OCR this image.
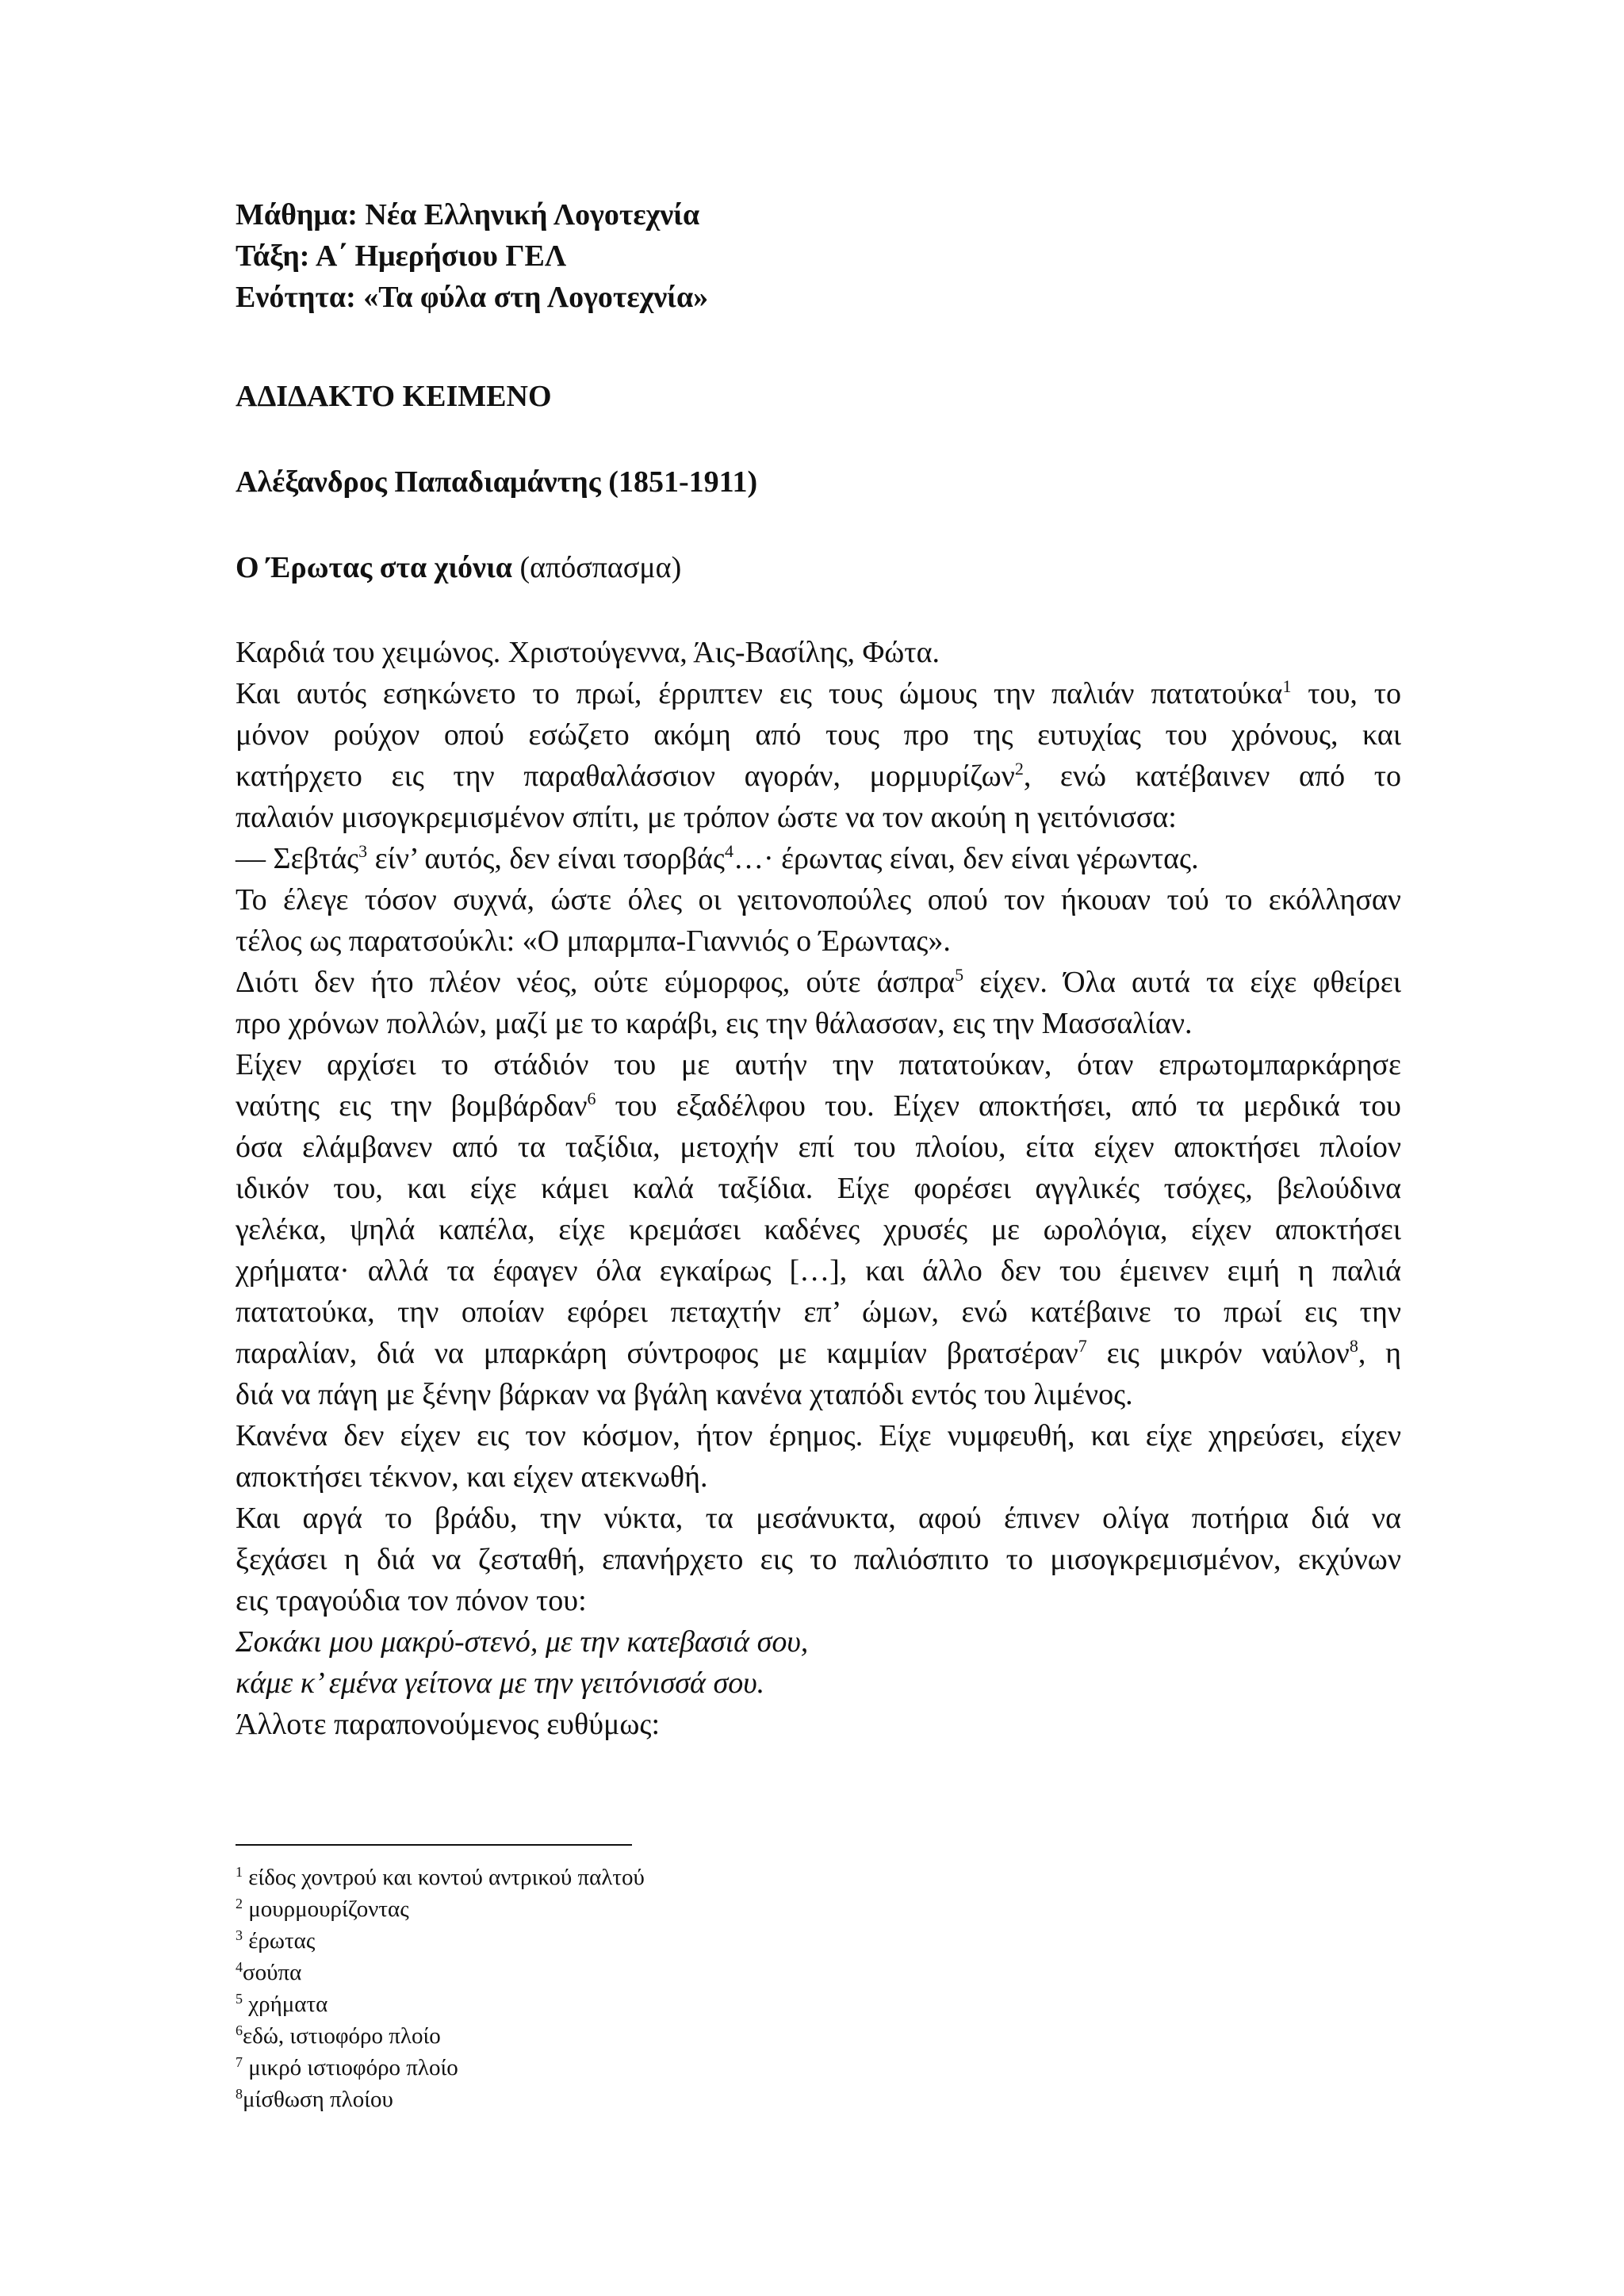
Μάθημα: Νέα Ελληνική Λογοτεχνία
Τάξη: Α΄ Ημερήσιου ΓΕΛ
Ενότητα: «Τα φύλα στη Λογοτεχνία»
ΑΔΙΔΑΚΤΟ ΚΕΙΜΕΝΟ
Αλέξανδρος Παπαδιαμάντης (1851-1911)
Ο Έρωτας στα χιόνια (απόσπασμα)
Καρδιά του χειμώνος. Χριστούγεννα, Άις-Βασίλης, Φώτα.
Και αυτός εσηκώνετο το πρωί, έρριπτεν εις τους ώμους την παλιάν πατατούκα$^1$ του, το
μόνον ρούχον οπού εσώζετο ακόμη από τους προ της ευτυχίας του χρόνους, και
κατήρχετο εις την παραθαλάσσιον αγοράν, μορμυρίζων$^2$, ενώ κατέβαινεν από το
παλαιόν μισογκρεμισμένον σπίτι, με τρόπον ώστε να τον ακούη η γειτόνισσα:
— Σεβτάς$^3$ είν’ αυτός, δεν είναι τσορβάς$^4$…· έρωντας είναι, δεν είναι γέρωντας.
Το έλεγε τόσον συχνά, ώστε όλες οι γειτονοπούλες οπού τον ήκουαν τού το εκόλλησαν
τέλος ως παρατσούκλι: «Ο μπαρμπα-Γιαννιός ο Έρωντας».
Διότι δεν ήτο πλέον νέος, ούτε εύμορφος, ούτε άσπρα$^5$ είχεν. Όλα αυτά τα είχε φθείρει
προ χρόνων πολλών, μαζί με το καράβι, εις την θάλασσαν, εις την Μασσαλίαν.
Είχεν αρχίσει το στάδιόν του με αυτήν την πατατούκαν, όταν επρωτομπαρκάρησε
ναύτης εις την βομβάρδαν$^6$ του εξαδέλφου του. Είχεν αποκτήσει, από τα μερδικά του
όσα ελάμβανεν από τα ταξίδια, μετοχήν επί του πλοίου, είτα είχεν αποκτήσει πλοίον
ιδικόν του, και είχε κάμει καλά ταξίδια. Είχε φορέσει αγγλικές τσόχες, βελούδινα
γελέκα, ψηλά καπέλα, είχε κρεμάσει καδένες χρυσές με ωρολόγια, είχεν αποκτήσει
χρήματα· αλλά τα έφαγεν όλα εγκαίρως […], και άλλο δεν του έμεινεν ειμή η παλιά
πατατούκα, την οποίαν εφόρει πεταχτήν επ’ ώμων, ενώ κατέβαινε το πρωί εις την
παραλίαν, διά να μπαρκάρη σύντροφος με καμμίαν βρατσέραν$^7$ εις μικρόν ναύλον$^8$, η
διά να πάγη με ξένην βάρκαν να βγάλη κανένα χταπόδι εντός του λιμένος.
Κανένα δεν είχεν εις τον κόσμον, ήτον έρημος. Είχε νυμφευθή, και είχε χηρεύσει, είχεν
αποκτήσει τέκνον, και είχεν ατεκνωθή.
Και αργά το βράδυ, την νύκτα, τα μεσάνυκτα, αφού έπινεν ολίγα ποτήρια διά να
ξεχάσει η διά να ζεσταθή, επανήρχετο εις το παλιόσπιτο το μισογκρεμισμένον, εκχύνων
εις τραγούδια τον πόνον του:
Σοκάκι μου μακρύ-στενό, με την κατεβασιά σου,
κάμε κ’ εμένα γείτονα με την γειτόνισσά σου.
Άλλοτε παραπονούμενος ευθύμως:
$^1$ είδος χοντρού και κοντού αντρικού παλτού
$^2$ μουρμουρίζοντας
$^3$ έρωτας
$^4$σούπα
$^5$ χρήματα
$^6$εδώ, ιστιοφόρο πλοίο
$^7$ μικρό ιστιοφόρο πλοίο
$^8$μίσθωση πλοίου
